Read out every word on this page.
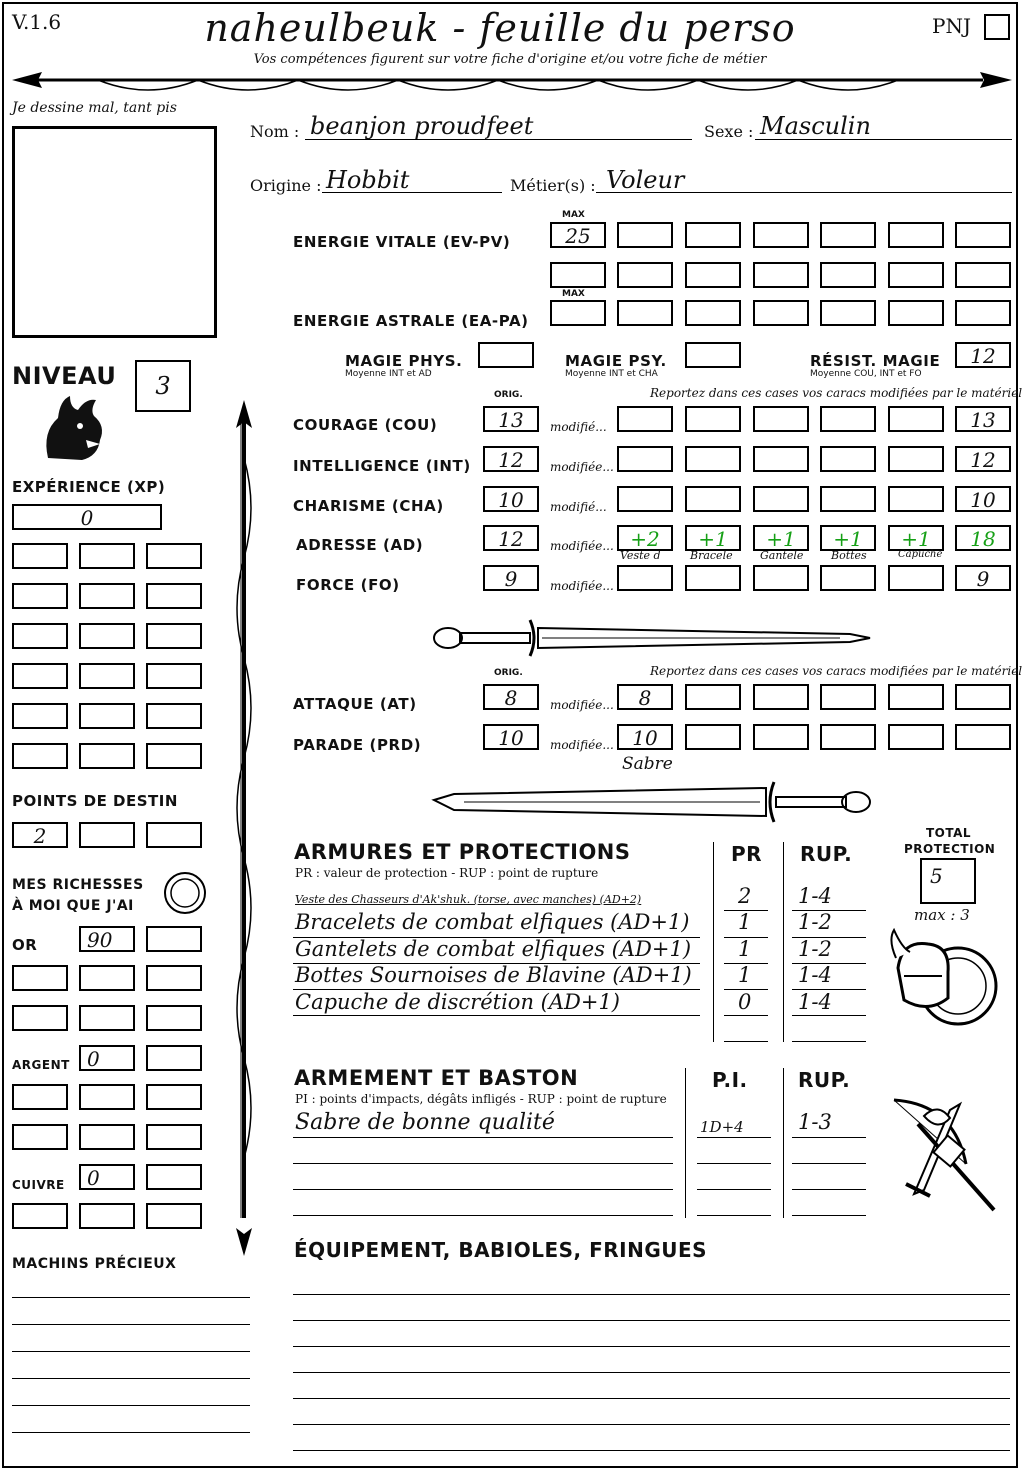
V.1.6	naheulbeuk - feuille du perso
Vos compétences figurent sur votre fiche d'origine et/ou votre fiche de métier
PNJ
Je dessine mal, tant pis
Nom : beanjon proudfeet	Sexe : Masculin
Origine : Hobbit	Métier(s) : Voleur
MAX
ENERGIE VITALE (EV-PV)	25
MAX
ENERGIE ASTRALE (EA-PA)
MAGIE PHYS.
Moyenne INT et AD
MAGIE PSY.
Moyenne INT et CHA
RÉSIST. MAGIE
Moyenne COU, INT et FO
12
ORIG.	Reportez dans ces cases vos caracs modifiées par le matériel
COURAGE (COU)	13	modifié...	13
INTELLIGENCE (INT)	12	modifiée...	12
CHARISME (CHA)	10	modifié...	10
ADRESSE (AD)	12	modifiée... +2	+1	+1	+1	+1	18
Veste d	Bracele Gantele	Bottes	Capuche
FORCE (FO)	9	modifiée...	9
ORIG.	Reportez dans ces cases vos caracs modifiées par le matériel
ATTAQUE (AT)	8	modifiée...	8
PARADE (PRD)	10	modifiée... 10
Sabre
NIVEAU	3
EXPÉRIENCE (XP)
0
POINTS DE DESTIN
2
MES RICHESSES
À MOI QUE J'AI
OR	90
ARGENT 0
CUIVRE	0
MACHINS PRÉCIEUX
ARMURES ET PROTECTIONS
PR : valeur de protection - RUP : point de rupture
PR RUP.
Veste des Chasseurs d'Ak'shuk. (torse, avec manches) (AD+2)	2 1-4
Bracelets de combat elfiques (AD+1) 1 1-2
Gantelets de combat elfiques (AD+1) 1 1-2
Bottes Sournoises de Blavine (AD+1) 1 1-4
Capuche de discrétion (AD+1)	0 1-4
TOTAL
PROTECTION
5
max : 3
ARMEMENT ET BASTON
PI : points d'impacts, dégâts infligés - RUP : point de rupture
P.I.	RUP.
Sabre de bonne qualité	1D+4	1-3
ÉQUIPEMENT, BABIOLES, FRINGUES
